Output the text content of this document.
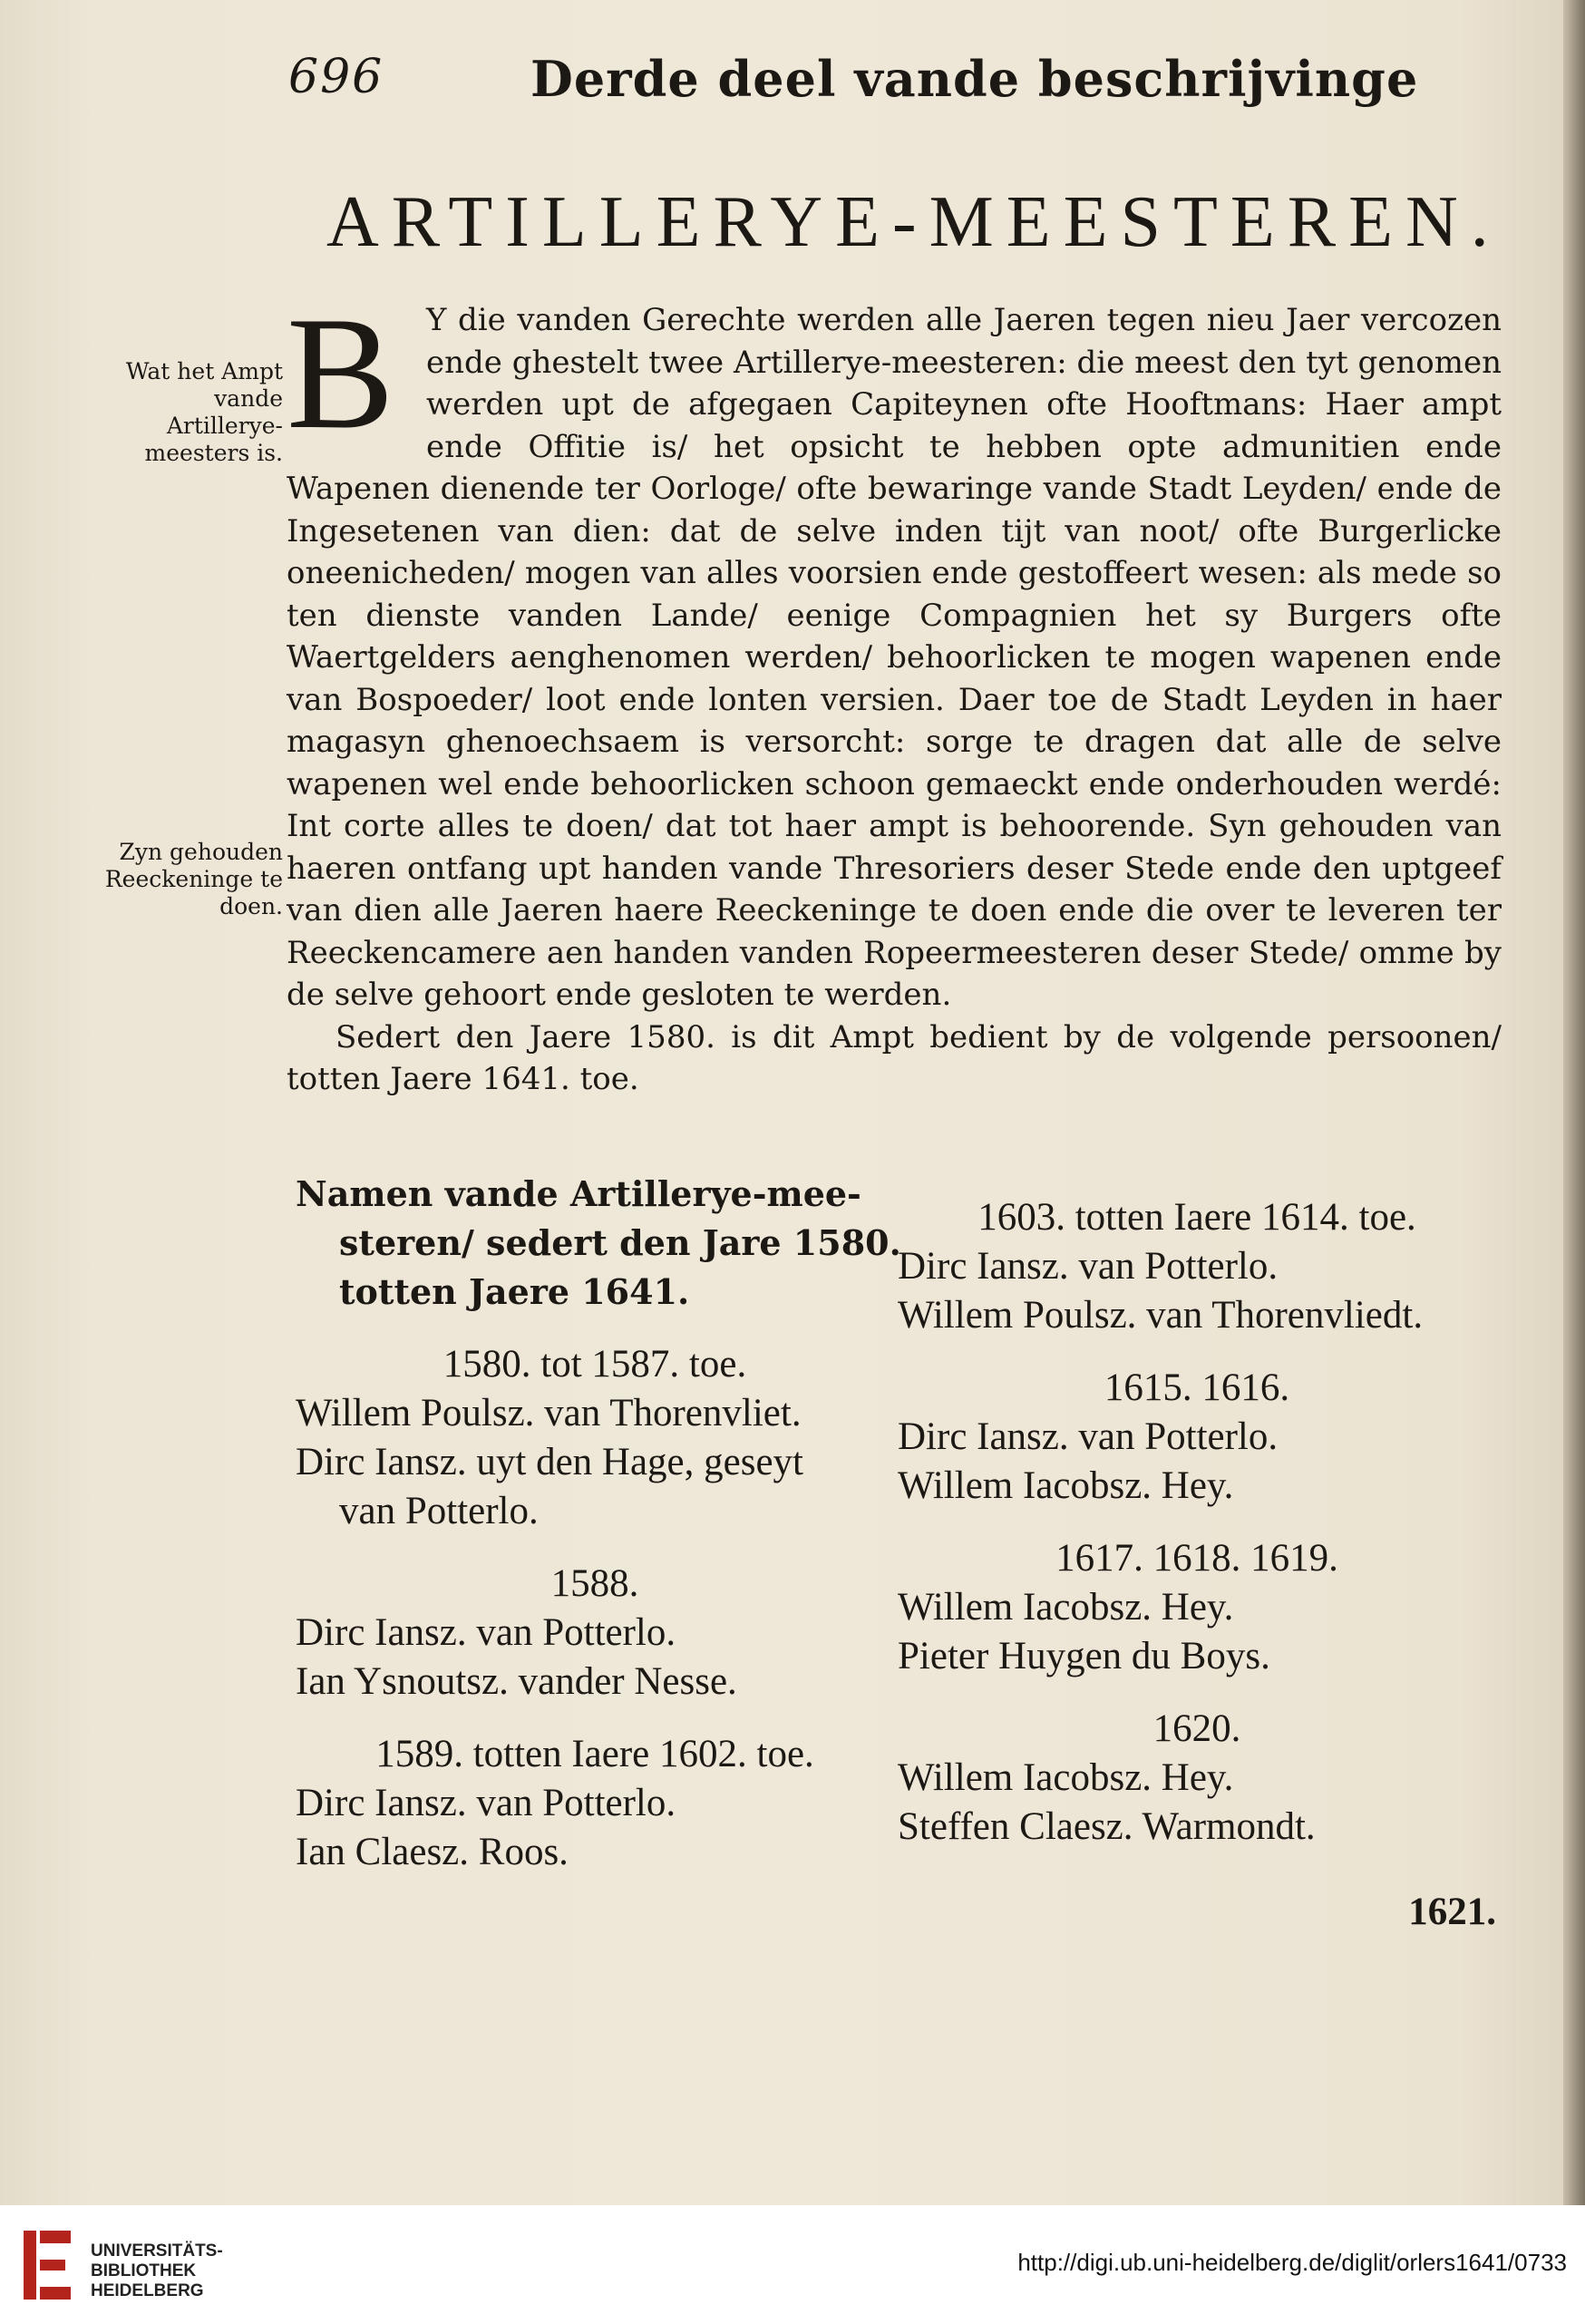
696	Derde deel vande beschrijvinge
ARTILLERYE-MEESTEREN.
Wat het Ampt vande Artillerye-meesters is.
Zyn gehouden Reeckeninge te doen.
B	Y die vanden Gerechte werden alle Jaeren tegen nieu Jaer vercozen ende ghestelt twee Artillerye-meesteren: die meest den tyt genomen werden upt de afgegaen Capiteynen ofte Hooftmans: Haer ampt ende Offitie is/ het opsicht te hebben opte admunitien ende Wapenen dienende ter Oorloge/ ofte bewaringe vande Stadt Leyden/ ende de Ingesetenen van dien: dat de selve inden tijt van noot/ ofte Burgerlicke oneenicheden/ mogen van alles voorsien ende gestoffeert wesen: als mede so ten dienste vanden Lande/ eenige Compagnien het sy Burgers ofte Waertgelders aenghenomen werden/ behoorlicken te mogen wapenen ende van Bospoeder/ loot ende lonten versien. Daer toe de Stadt Leyden in haer magasyn ghenoechsaem is versorcht: sorge te dragen dat alle de selve wapenen wel ende behoorlicken schoon gemaeckt ende onderhouden werdé: Int corte alles te doen/ dat tot haer ampt is behoorende. Syn gehouden van haeren ontfang upt handen vande Thresoriers deser Stede ende den uptgeef van dien alle Jaeren haere Reeckeninge te doen ende die over te leveren ter Reeckencamere aen handen vanden Ropeermeesteren deser Stede/ omme by de selve gehoort ende gesloten te werden.

Sedert den Jaere 1580. is dit Ampt bedient by de volgende persoonen/ totten Jaere 1641. toe.

Namen vande Artillerye-mee-
steren/ sedert den Jare 1580.
totten Jaere 1641.
1580. tot 1587. toe.
Willem Poulsz. van Thorenvliet.
Dirc Iansz. uyt den Hage, geseyt
van Potterlo.
1588.
Dirc Iansz. van Potterlo.
Ian Ysnoutsz. vander Nesse.
1589. totten Iaere 1602. toe.
Dirc Iansz. van Potterlo.
Ian Claesz. Roos.
1603. totten Iaere 1614. toe.
Dirc Iansz. van Potterlo.
Willem Poulsz. van Thorenvliedt.
1615. 1616.
Dirc Iansz. van Potterlo.
Willem Iacobsz. Hey.
1617. 1618. 1619.
Willem Iacobsz. Hey.
Pieter Huygen du Boys.
1620.
Willem Iacobsz. Hey.
Steffen Claesz. Warmondt.
1621.
UNIVERSITÄTS-
BIBLIOTHEK
HEIDELBERG
http://digi.ub.uni-heidelberg.de/diglit/orlers1641/0733
